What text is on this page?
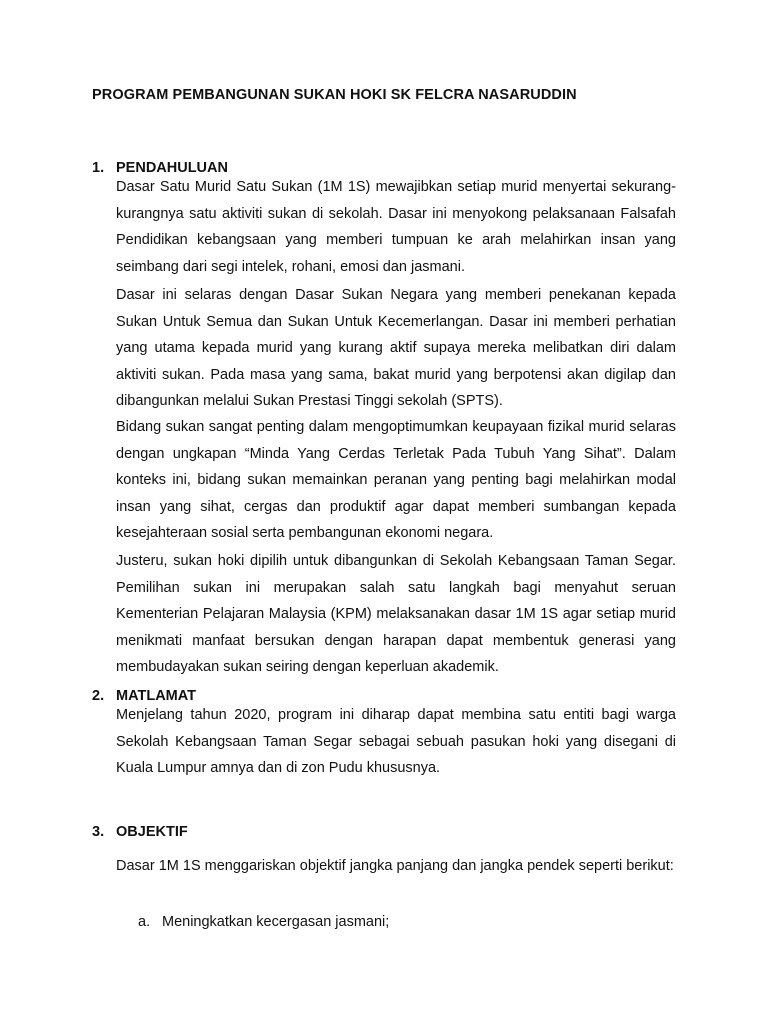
PROGRAM PEMBANGUNAN SUKAN HOKI SK FELCRA NASARUDDIN
1. PENDAHULUAN

Dasar Satu Murid Satu Sukan (1M 1S) mewajibkan setiap murid menyertai sekurang-kurangnya satu aktiviti sukan di sekolah. Dasar ini menyokong pelaksanaan Falsafah Pendidikan kebangsaan yang memberi tumpuan ke arah melahirkan insan yang seimbang dari segi intelek, rohani, emosi dan jasmani.

Dasar ini selaras dengan Dasar Sukan Negara yang memberi penekanan kepada Sukan Untuk Semua dan Sukan Untuk Kecemerlangan. Dasar ini memberi perhatian yang utama kepada murid yang kurang aktif supaya mereka melibatkan diri dalam aktiviti sukan. Pada masa yang sama, bakat murid yang berpotensi akan digilap dan dibangunkan melalui Sukan Prestasi Tinggi sekolah (SPTS).

Bidang sukan sangat penting dalam mengoptimumkan keupayaan fizikal murid selaras dengan ungkapan “Minda Yang Cerdas Terletak Pada Tubuh Yang Sihat”. Dalam konteks ini, bidang sukan memainkan peranan yang penting bagi melahirkan modal insan yang sihat, cergas dan produktif agar dapat memberi sumbangan kepada kesejahteraan sosial serta pembangunan ekonomi negara.

Justeru, sukan hoki dipilih untuk dibangunkan di Sekolah Kebangsaan Taman Segar. Pemilihan sukan ini merupakan salah satu langkah bagi menyahut seruan Kementerian Pelajaran Malaysia (KPM) melaksanakan dasar 1M 1S agar setiap murid menikmati manfaat bersukan dengan harapan dapat membentuk generasi yang membudayakan sukan seiring dengan keperluan akademik.

2. MATLAMAT

Menjelang tahun 2020, program ini diharap dapat membina satu entiti bagi warga Sekolah Kebangsaan Taman Segar sebagai sebuah pasukan hoki yang disegani di Kuala Lumpur amnya dan di zon Pudu khususnya.

3. OBJEKTIF

Dasar 1M 1S menggariskan objektif jangka panjang dan jangka pendek seperti berikut:

a. Meningkatkan kecergasan jasmani;
